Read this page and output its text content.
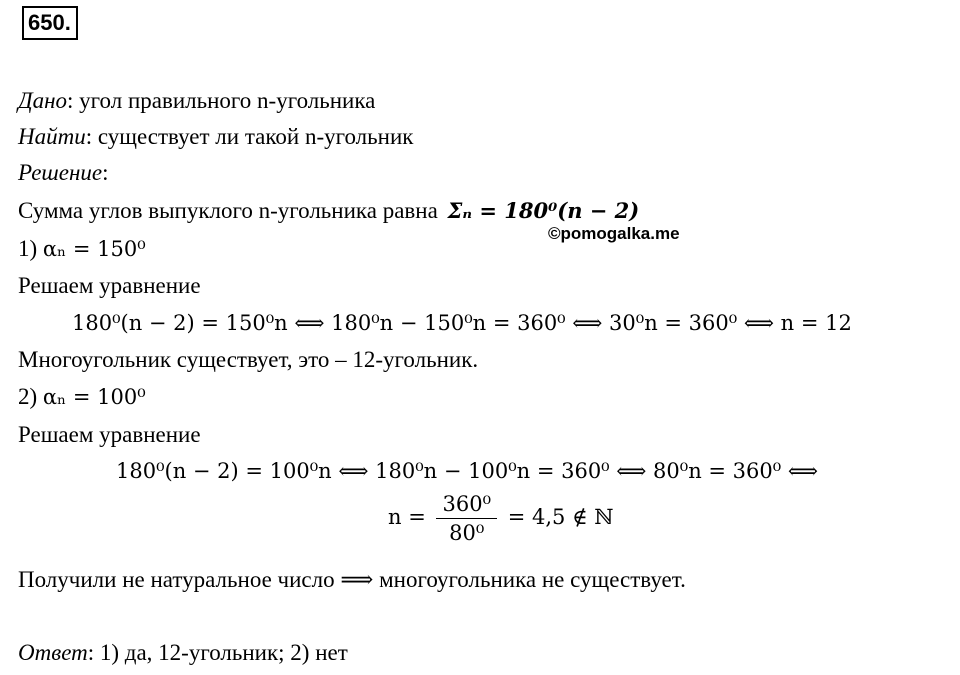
650.
Дано: угол правильного n-угольника
Найти: существует ли такой n-угольник
Решение:
Сумма углов выпуклого n-угольника равна Σₙ = 180⁰(n − 2)
©pomogalka.me
1) αₙ = 150⁰
Решаем уравнение
180⁰(n − 2) = 150⁰n ⟺ 180⁰n − 150⁰n = 360⁰ ⟺ 30⁰n = 360⁰ ⟺ n = 12
Многоугольник существует, это – 12-угольник.
2) αₙ = 100⁰
Решаем уравнение
180⁰(n − 2) = 100⁰n ⟺ 180⁰n − 100⁰n = 360⁰ ⟺ 80⁰n = 360⁰ ⟺
$n = \frac{\text{360⁰}}{\text{80⁰}} = 4,5$ ∉ ℕ
Получили не натуральное число ⟹ многоугольника не существует.
Ответ: 1) да, 12-угольник; 2) нет
